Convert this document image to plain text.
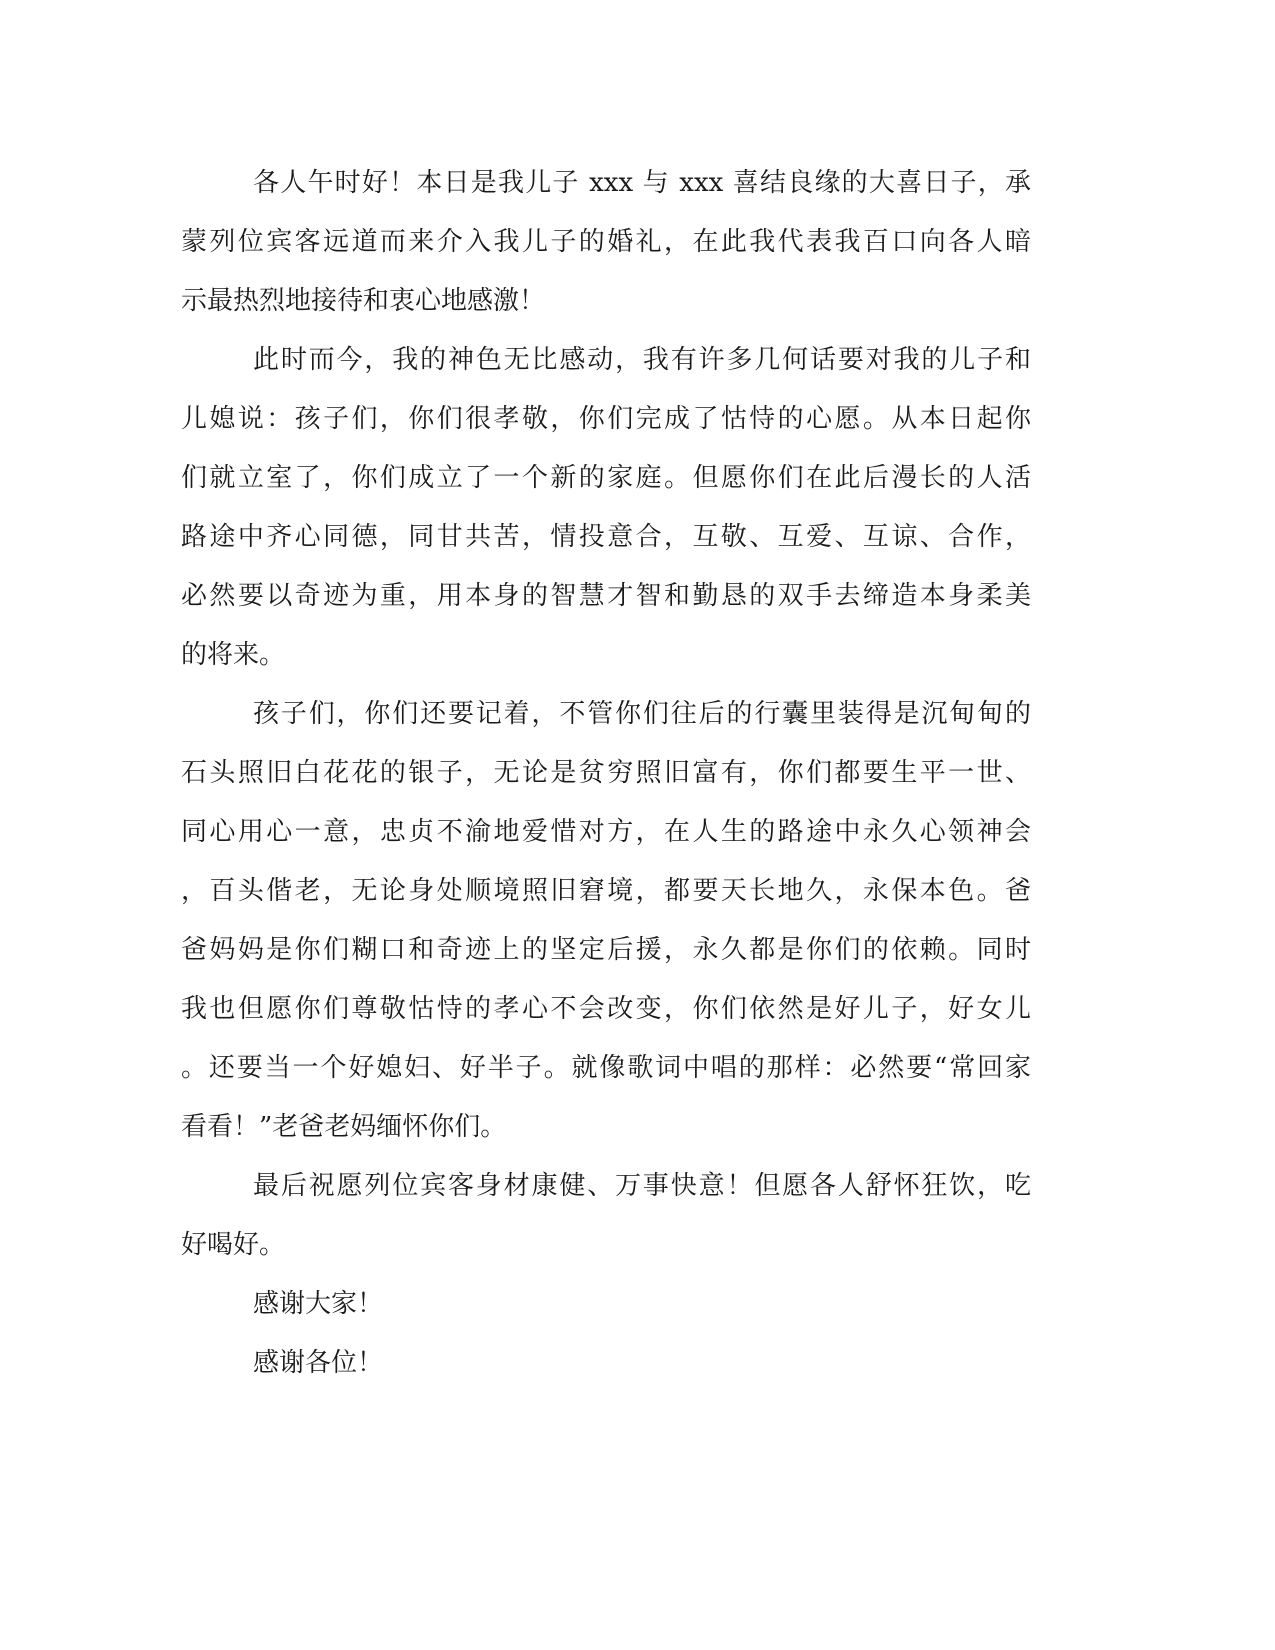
各人午时好！本日是我儿子 xxx 与 xxx 喜结良缘的大喜日子，承
蒙列位宾客远道而来介入我儿子的婚礼，在此我代表我百口向各人暗
示最热烈地接待和衷心地感激！
此时而今，我的神色无比感动，我有许多几何话要对我的儿子和
儿媳说：孩子们，你们很孝敬，你们完成了怙恃的心愿。从本日起你
们就立室了，你们成立了一个新的家庭。但愿你们在此后漫长的人活
路途中齐心同德，同甘共苦，情投意合，互敬、互爱、互谅、合作，
必然要以奇迹为重，用本身的智慧才智和勤恳的双手去缔造本身柔美
的将来。
孩子们，你们还要记着，不管你们往后的行囊里装得是沉甸甸的
石头照旧白花花的银子，无论是贫穷照旧富有，你们都要生平一世、
同心用心一意，忠贞不渝地爱惜对方，在人生的路途中永久心领神会
，百头偕老，无论身处顺境照旧窘境，都要天长地久，永保本色。爸
爸妈妈是你们糊口和奇迹上的坚定后援，永久都是你们的依赖。同时
我也但愿你们尊敬怙恃的孝心不会改变，你们依然是好儿子，好女儿
。还要当一个好媳妇、好半子。就像歌词中唱的那样：必然要“常回家
看看！”老爸老妈缅怀你们。
最后祝愿列位宾客身材康健、万事快意！但愿各人舒怀狂饮，吃
好喝好。
感谢大家！
感谢各位！
